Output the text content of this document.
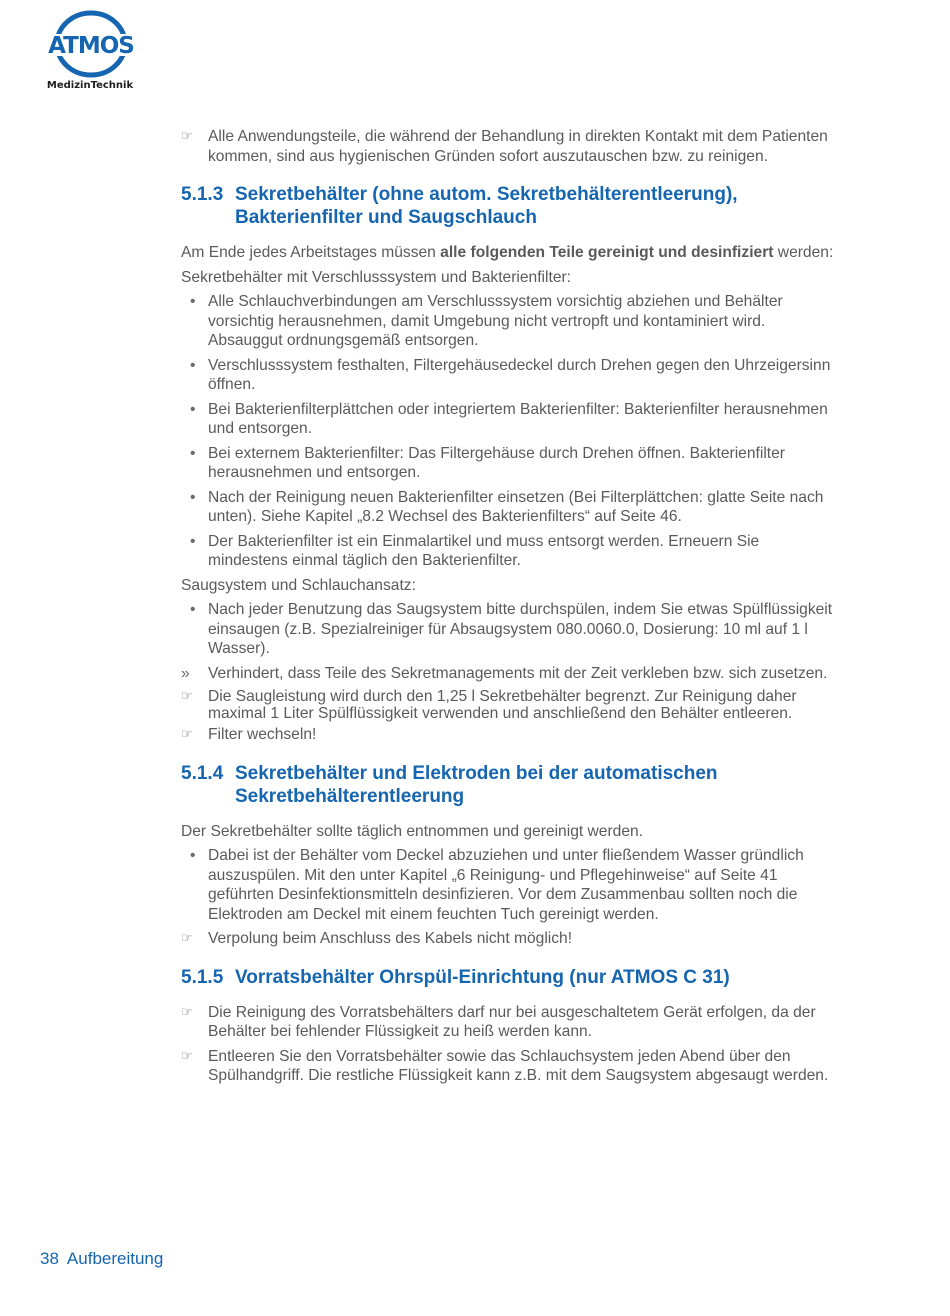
ATMOS
MedizinTechnik
☞ Alle Anwendungsteile, die während der Behandlung in direkten Kontakt mit dem Patienten kommen, sind aus hygienischen Gründen sofort auszutauschen bzw. zu reinigen.
5.1.3 Sekretbehälter (ohne autom. Sekretbehälterentleerung), Bakterienfilter und Saugschlauch

Am Ende jedes Arbeitstages müssen alle folgenden Teile gereinigt und desinfiziert werden:

Sekretbehälter mit Verschlusssystem und Bakterienfilter:

• Alle Schlauchverbindungen am Verschlusssystem vorsichtig abziehen und Behälter vorsichtig herausnehmen, damit Umgebung nicht vertropft und kontaminiert wird. Absauggut ordnungsgemäß entsorgen.
• Verschlusssystem festhalten, Filtergehäusedeckel durch Drehen gegen den Uhrzeigersinn öffnen.
• Bei Bakterienfilterplättchen oder integriertem Bakterienfilter: Bakterienfilter herausnehmen und entsorgen.
• Bei externem Bakterienfilter: Das Filtergehäuse durch Drehen öffnen. Bakterienfilter herausnehmen und entsorgen.
• Nach der Reinigung neuen Bakterienfilter einsetzen (Bei Filterplättchen: glatte Seite nach unten). Siehe Kapitel „8.2 Wechsel des Bakterienfilters“ auf Seite 46.
• Der Bakterienfilter ist ein Einmalartikel und muss entsorgt werden. Erneuern Sie mindestens einmal täglich den Bakterienfilter.

Saugsystem und Schlauchansatz:

• Nach jeder Benutzung das Saugsystem bitte durchspülen, indem Sie etwas Spülflüssigkeit einsaugen (z.B. Spezialreiniger für Absaugsystem 080.0060.0, Dosierung: 10 ml auf 1 l Wasser).
»	Verhindert, dass Teile des Sekretmanagements mit der Zeit verkleben bzw. sich zusetzen.
☞ Die Saugleistung wird durch den 1,25 l Sekretbehälter begrenzt. Zur Reinigung daher maximal 1 Liter Spülflüssigkeit verwenden und anschließend den Behälter entleeren.
☞ Filter wechseln!
5.1.4 Sekretbehälter und Elektroden bei der automatischen Sekretbehälterentleerung

Der Sekretbehälter sollte täglich entnommen und gereinigt werden.

• Dabei ist der Behälter vom Deckel abzuziehen und unter fließendem Wasser gründlich auszuspülen. Mit den unter Kapitel „6 Reinigung- und Pflegehinweise“ auf Seite 41 geführten Desinfektionsmitteln desinfizieren. Vor dem Zusammenbau sollten noch die Elektroden am Deckel mit einem feuchten Tuch gereinigt werden.
☞ Verpolung beim Anschluss des Kabels nicht möglich!
5.1.5 Vorratsbehälter Ohrspül-Einrichtung (nur ATMOS C 31)
☞ Die Reinigung des Vorratsbehälters darf nur bei ausgeschaltetem Gerät erfolgen, da der Behälter bei fehlender Flüssigkeit zu heiß werden kann.
☞ Entleeren Sie den Vorratsbehälter sowie das Schlauchsystem jeden Abend über den Spülhandgriff. Die restliche Flüssigkeit kann z.B. mit dem Saugsystem abgesaugt werden.
38 Aufbereitung
